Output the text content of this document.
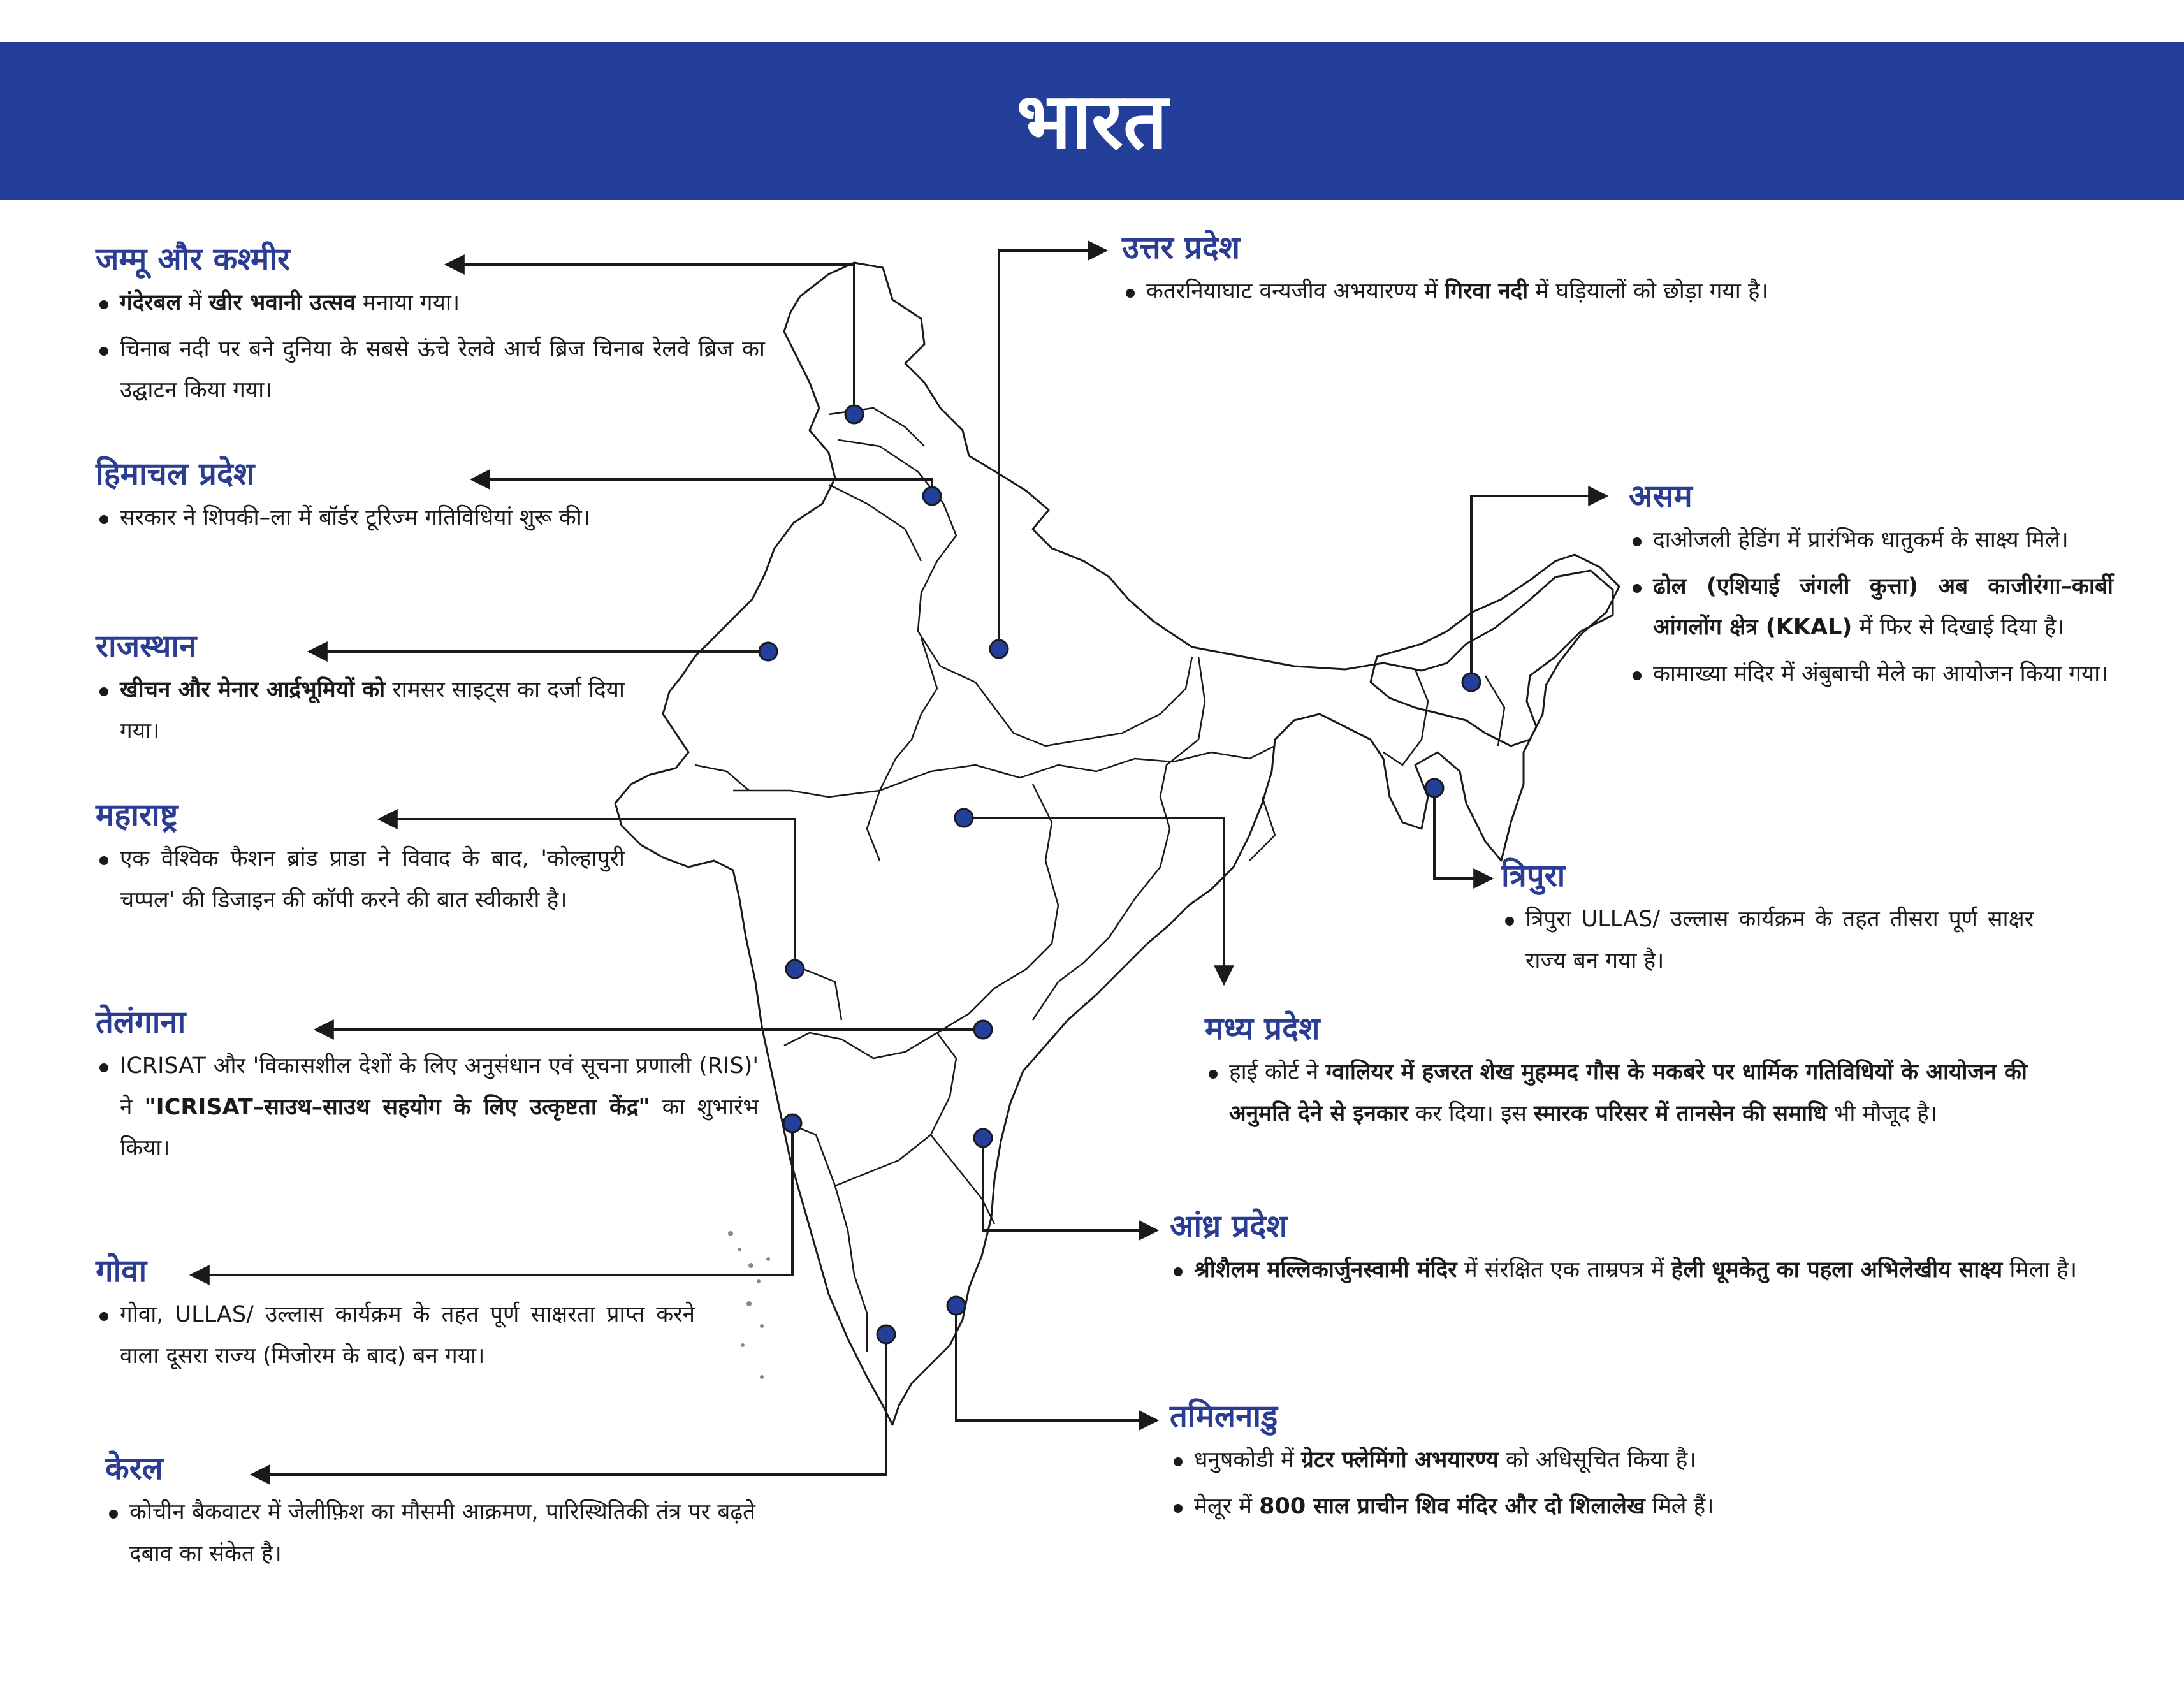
भारत
जम्मू और कश्मीर
गंदेरबल में खीर भवानी उत्सव मनाया गया।
चिनाब नदी पर बने दुनिया के सबसे ऊंचे रेलवे आर्च ब्रिज चिनाब रेलवे ब्रिज का उद्घाटन किया गया।
हिमाचल प्रदेश
सरकार ने शिपकी–ला में बॉर्डर टूरिज्म गतिविधियां शुरू की।
राजस्थान
खीचन और मेनार आर्द्रभूमियों को रामसर साइट्स का दर्जा दिया गया।
महाराष्ट्र
एक वैश्विक फैशन ब्रांड प्राडा ने विवाद के बाद, 'कोल्हापुरी चप्पल' की डिजाइन की कॉपी करने की बात स्वीकारी है।
तेलंगाना
ICRISAT और 'विकासशील देशों के लिए अनुसंधान एवं सूचना प्रणाली (RIS)' ने "ICRISAT–साउथ–साउथ सहयोग के लिए उत्कृष्टता केंद्र" का शुभारंभ किया।
गोवा
गोवा, ULLAS/ उल्लास कार्यक्रम के तहत पूर्ण साक्षरता प्राप्त करने वाला दूसरा राज्य (मिजोरम के बाद) बन गया।
केरल
कोचीन बैकवाटर में जेलीफ़िश का मौसमी आक्रमण, पारिस्थितिकी तंत्र पर बढ़ते दबाव का संकेत है।
उत्तर प्रदेश
कतरनियाघाट वन्यजीव अभयारण्य में गिरवा नदी में घड़ियालों को छोड़ा गया है।
असम
दाओजली हेडिंग में प्रारंभिक धातुकर्म के साक्ष्य मिले।
ढोल (एशियाई जंगली कुत्ता) अब काजीरंगा–कार्बी आंगलोंग क्षेत्र (KKAL) में फिर से दिखाई दिया है।
कामाख्या मंदिर में अंबुबाची मेले का आयोजन किया गया।
त्रिपुरा
त्रिपुरा ULLAS/ उल्लास कार्यक्रम के तहत तीसरा पूर्ण साक्षर राज्य बन गया है।
मध्य प्रदेश
हाई कोर्ट ने ग्वालियर में हजरत शेख मुहम्मद गौस के मकबरे पर धार्मिक गतिविधियों के आयोजन की अनुमति देने से इनकार कर दिया। इस स्मारक परिसर में तानसेन की समाधि भी मौजूद है।
आंध्र प्रदेश
श्रीशैलम मल्लिकार्जुनस्वामी मंदिर में संरक्षित एक ताम्रपत्र में हेली धूमकेतु का पहला अभिलेखीय साक्ष्य मिला है।
तमिलनाडु
धनुषकोडी में ग्रेटर फ्लेमिंगो अभयारण्य को अधिसूचित किया है।
मेलूर में 800 साल प्राचीन शिव मंदिर और दो शिलालेख मिले हैं।
